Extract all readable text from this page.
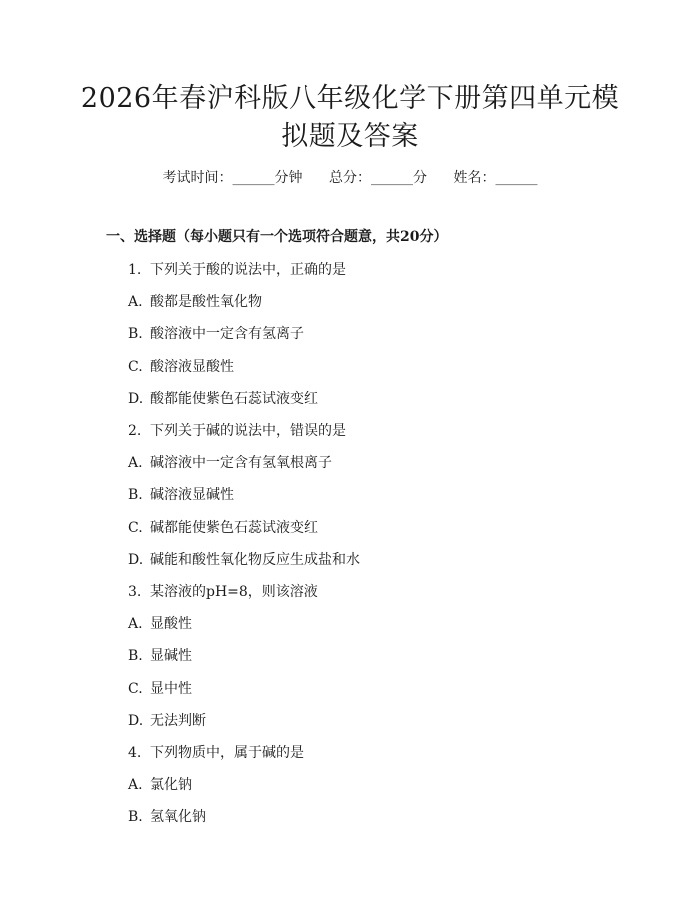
2026年春沪科版八年级化学下册第四单元模
拟题及答案
考试时间：______分钟 总分：______分 姓名：______
一、选择题（每小题只有一个选项符合题意，共20分）
1. 下列关于酸的说法中，正确的是
A. 酸都是酸性氧化物
B. 酸溶液中一定含有氢离子
C. 酸溶液显酸性
D. 酸都能使紫色石蕊试液变红
2. 下列关于碱的说法中，错误的是
A. 碱溶液中一定含有氢氧根离子
B. 碱溶液显碱性
C. 碱都能使紫色石蕊试液变红
D. 碱能和酸性氧化物反应生成盐和水
3. 某溶液的pH=8，则该溶液
A. 显酸性
B. 显碱性
C. 显中性
D. 无法判断
4. 下列物质中，属于碱的是
A. 氯化钠
B. 氢氧化钠
